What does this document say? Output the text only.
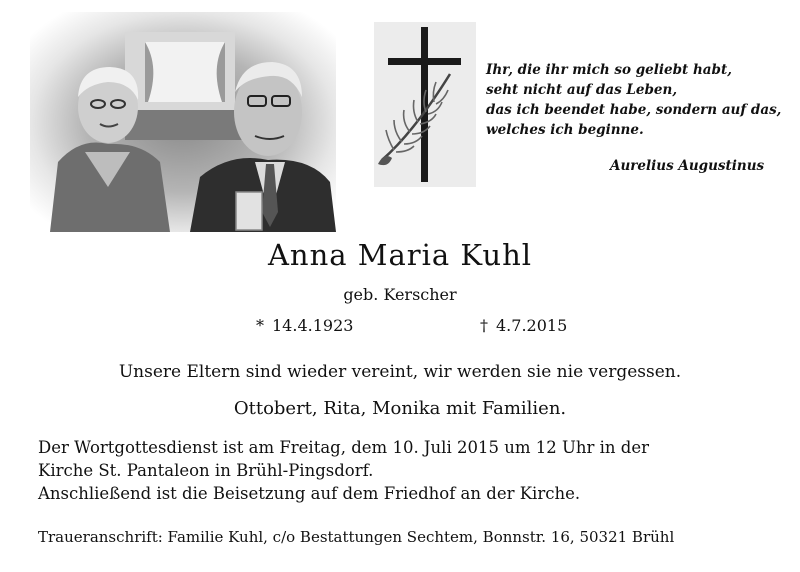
Ihr, die ihr mich so geliebt habt,
seht nicht auf das Leben,
das ich beendet habe, sondern auf das,
welches ich beginne.
Aurelius Augustinus
Anna Maria Kuhl
geb. Kerscher
* 14.4.1923	† 4.7.2015
Unsere Eltern sind wieder vereint, wir werden sie nie vergessen.
Ottobert, Rita, Monika mit Familien.
Der Wortgottesdienst ist am Freitag, dem 10. Juli 2015 um 12 Uhr in der
Kirche St. Pantaleon in Brühl-Pingsdorf.
Anschließend ist die Beisetzung auf dem Friedhof an der Kirche.
Traueranschrift: Familie Kuhl, c/o Bestattungen Sechtem, Bonnstr. 16, 50321 Brühl
